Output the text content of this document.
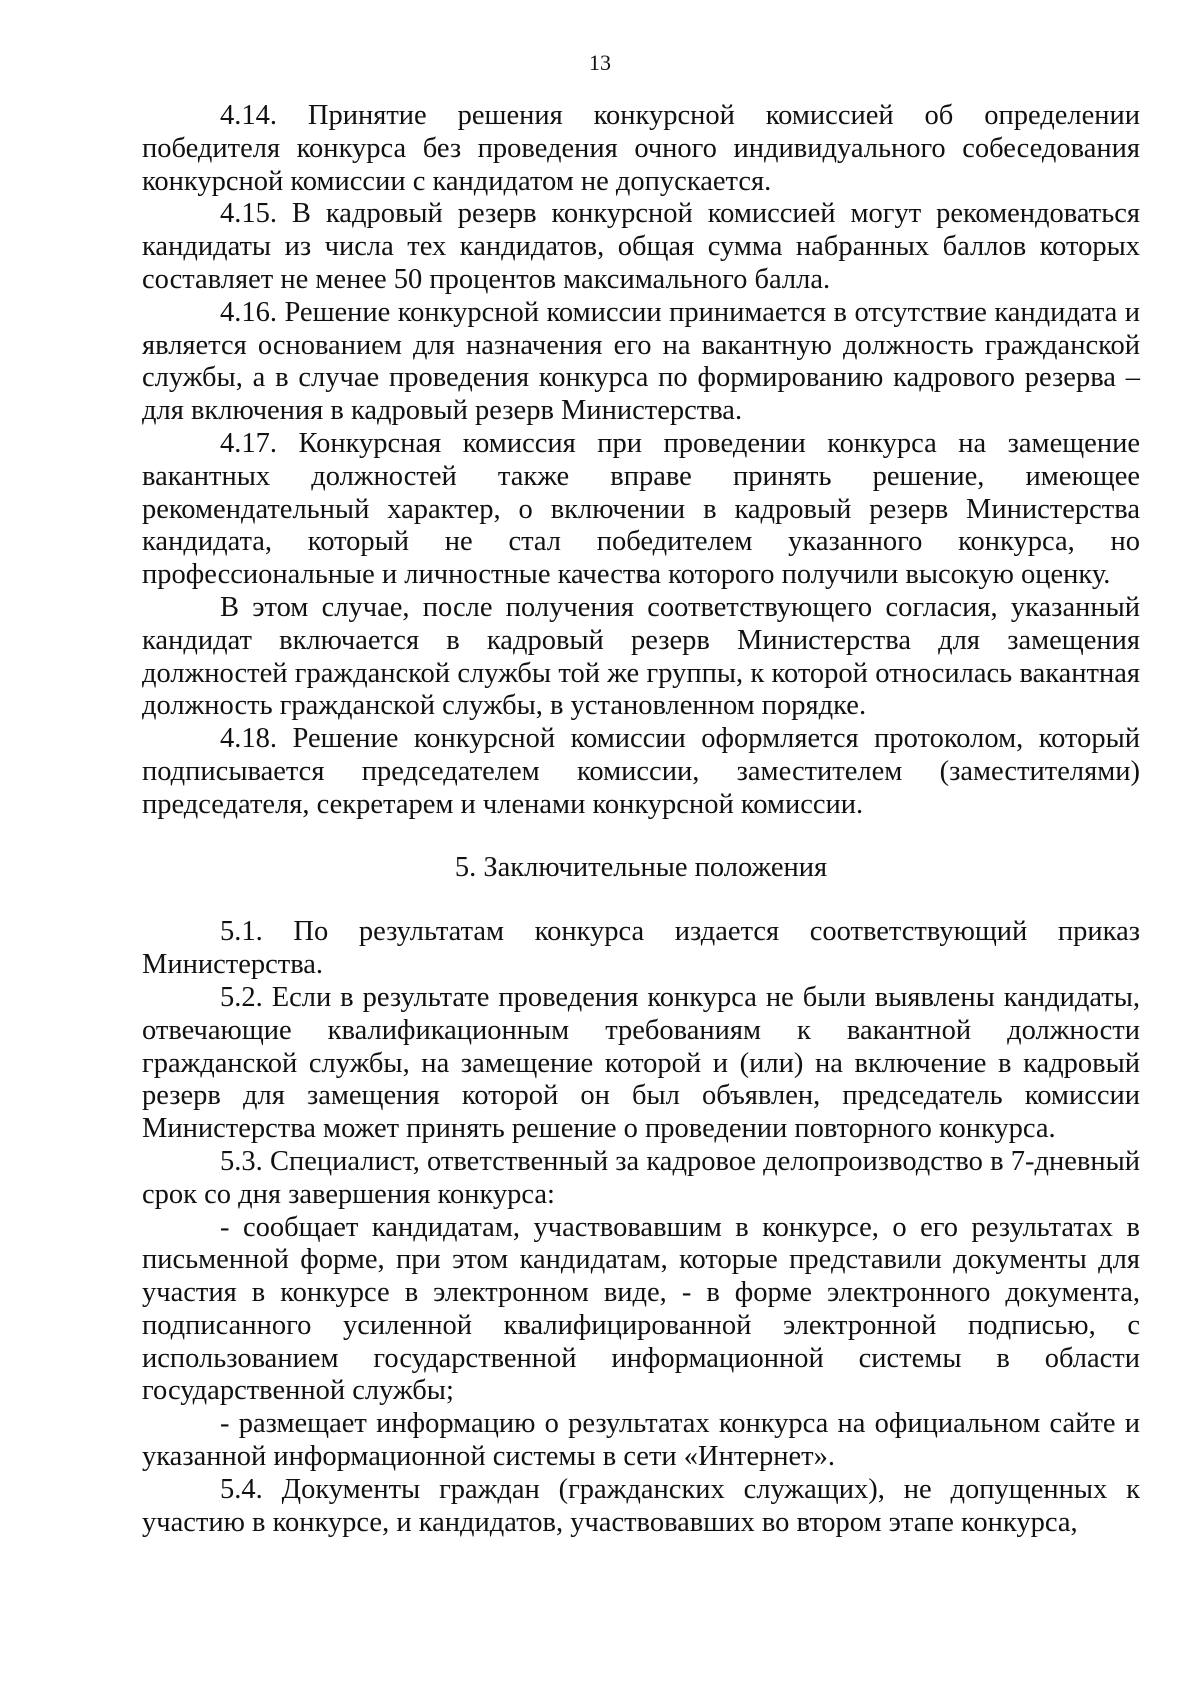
13

4.14. Принятие решения конкурсной комиссией об определении победителя конкурса без проведения очного индивидуального собеседования конкурсной комиссии с кандидатом не допускается.

4.15. В кадровый резерв конкурсной комиссией могут рекомендоваться кандидаты из числа тех кандидатов, общая сумма набранных баллов которых составляет не менее 50 процентов максимального балла.

4.16. Решение конкурсной комиссии принимается в отсутствие кандидата и является основанием для назначения его на вакантную должность гражданской службы, а в случае проведения конкурса по формированию кадрового резерва – для включения в кадровый резерв Министерства.

4.17. Конкурсная комиссия при проведении конкурса на замещение вакантных должностей также вправе принять решение, имеющее рекомендательный характер, о включении в кадровый резерв Министерства кандидата, который не стал победителем указанного конкурса, но профессиональные и личностные качества которого получили высокую оценку.

В этом случае, после получения соответствующего согласия, указанный кандидат включается в кадровый резерв Министерства для замещения должностей гражданской службы той же группы, к которой относилась вакантная должность гражданской службы, в установленном порядке.

4.18. Решение конкурсной комиссии оформляется протоколом, который подписывается председателем комиссии, заместителем (заместителями) председателя, секретарем и членами конкурсной комиссии.

5. Заключительные положения

5.1. По результатам конкурса издается соответствующий приказ Министерства.

5.2. Если в результате проведения конкурса не были выявлены кандидаты, отвечающие квалификационным требованиям к вакантной должности гражданской службы, на замещение которой и (или) на включение в кадровый резерв для замещения которой он был объявлен, председатель комиссии Министерства может принять решение о проведении повторного конкурса.

5.3. Специалист, ответственный за кадровое делопроизводство в 7-дневный срок со дня завершения конкурса:

- сообщает кандидатам, участвовавшим в конкурсе, о его результатах в письменной форме, при этом кандидатам, которые представили документы для участия в конкурсе в электронном виде, - в форме электронного документа, подписанного усиленной квалифицированной электронной подписью, с использованием государственной информационной системы в области государственной службы;

- размещает информацию о результатах конкурса на официальном сайте и указанной информационной системы в сети «Интернет».

5.4. Документы граждан (гражданских служащих), не допущенных к участию в конкурсе, и кандидатов, участвовавших во втором этапе конкурса,
